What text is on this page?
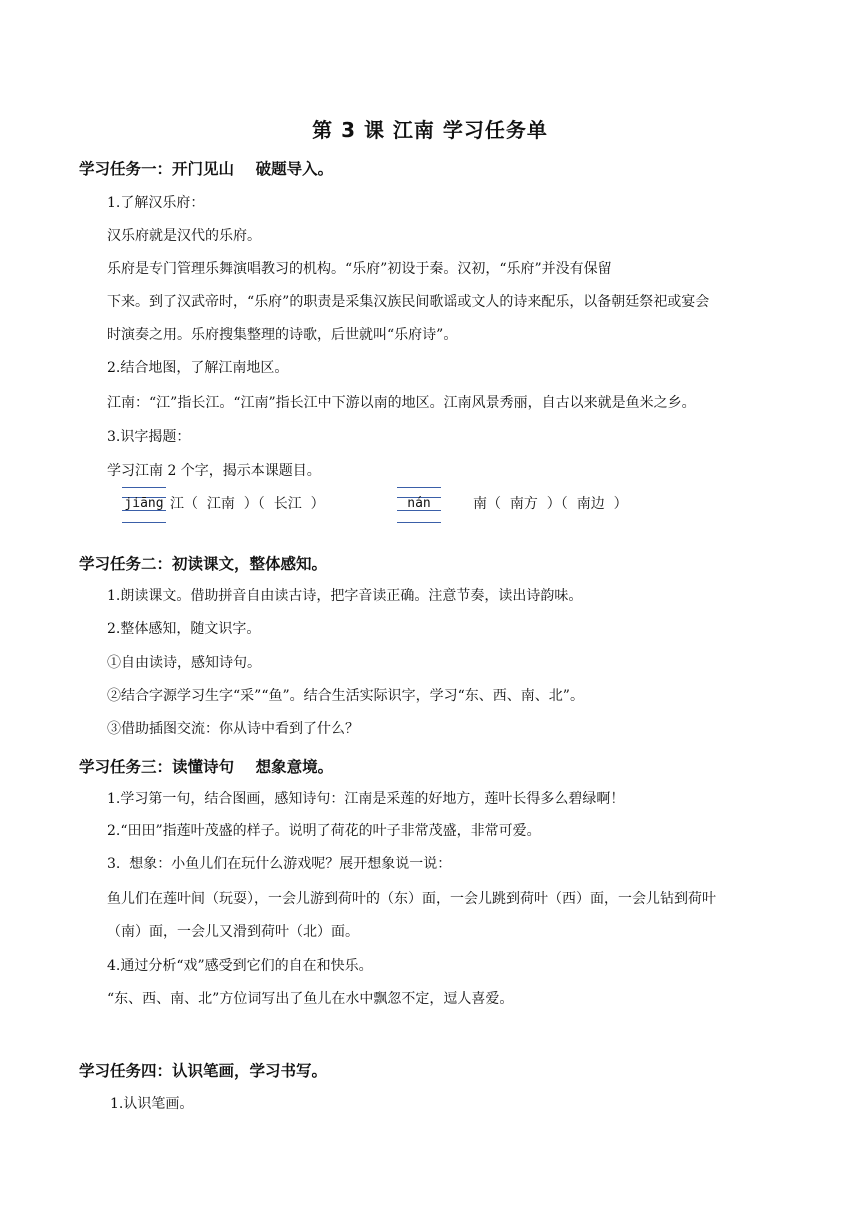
第 3 课 江南 学习任务单
学习任务一：开门见山    破题导入。
1.了解汉乐府：
汉乐府就是汉代的乐府。
乐府是专门管理乐舞演唱教习的机构。“乐府”初设于秦。汉初，“乐府”并没有保留
下来。到了汉武帝时，“乐府”的职责是采集汉族民间歌谣或文人的诗来配乐，以备朝廷祭祀或宴会
时演奏之用。乐府搜集整理的诗歌，后世就叫“乐府诗”。
2.结合地图，了解江南地区。
江南：“江”指长江。“江南”指长江中下游以南的地区。江南风景秀丽，自古以来就是鱼米之乡。
3.识字揭题：
学习江南 2 个字，揭示本课题目。
jiāng 江（  江南  ）（  长江  ）	nán	南（  南方  ）（  南边  ）
学习任务二：初读课文，整体感知。
1.朗读课文。借助拼音自由读古诗，把字音读正确。注意节奏，读出诗韵味。
2.整体感知，随文识字。
①自由读诗，感知诗句。
②结合字源学习生字“采”“鱼”。结合生活实际识字，学习“东、西、南、北”。
③借助插图交流：你从诗中看到了什么？
学习任务三：读懂诗句    想象意境。
1.学习第一句，结合图画，感知诗句：江南是采莲的好地方，莲叶长得多么碧绿啊！
2.“田田”指莲叶茂盛的样子。说明了荷花的叶子非常茂盛，非常可爱。
3.  想象：小鱼儿们在玩什么游戏呢？展开想象说一说：
鱼儿们在莲叶间（玩耍），一会儿游到荷叶的（东）面，一会儿跳到荷叶（西）面，一会儿钻到荷叶
（南）面，一会儿又滑到荷叶（北）面。
4.通过分析“戏”感受到它们的自在和快乐。
“东、西、南、北”方位词写出了鱼儿在水中飘忽不定，逗人喜爱。
学习任务四：认识笔画，学习书写。
1.认识笔画。
